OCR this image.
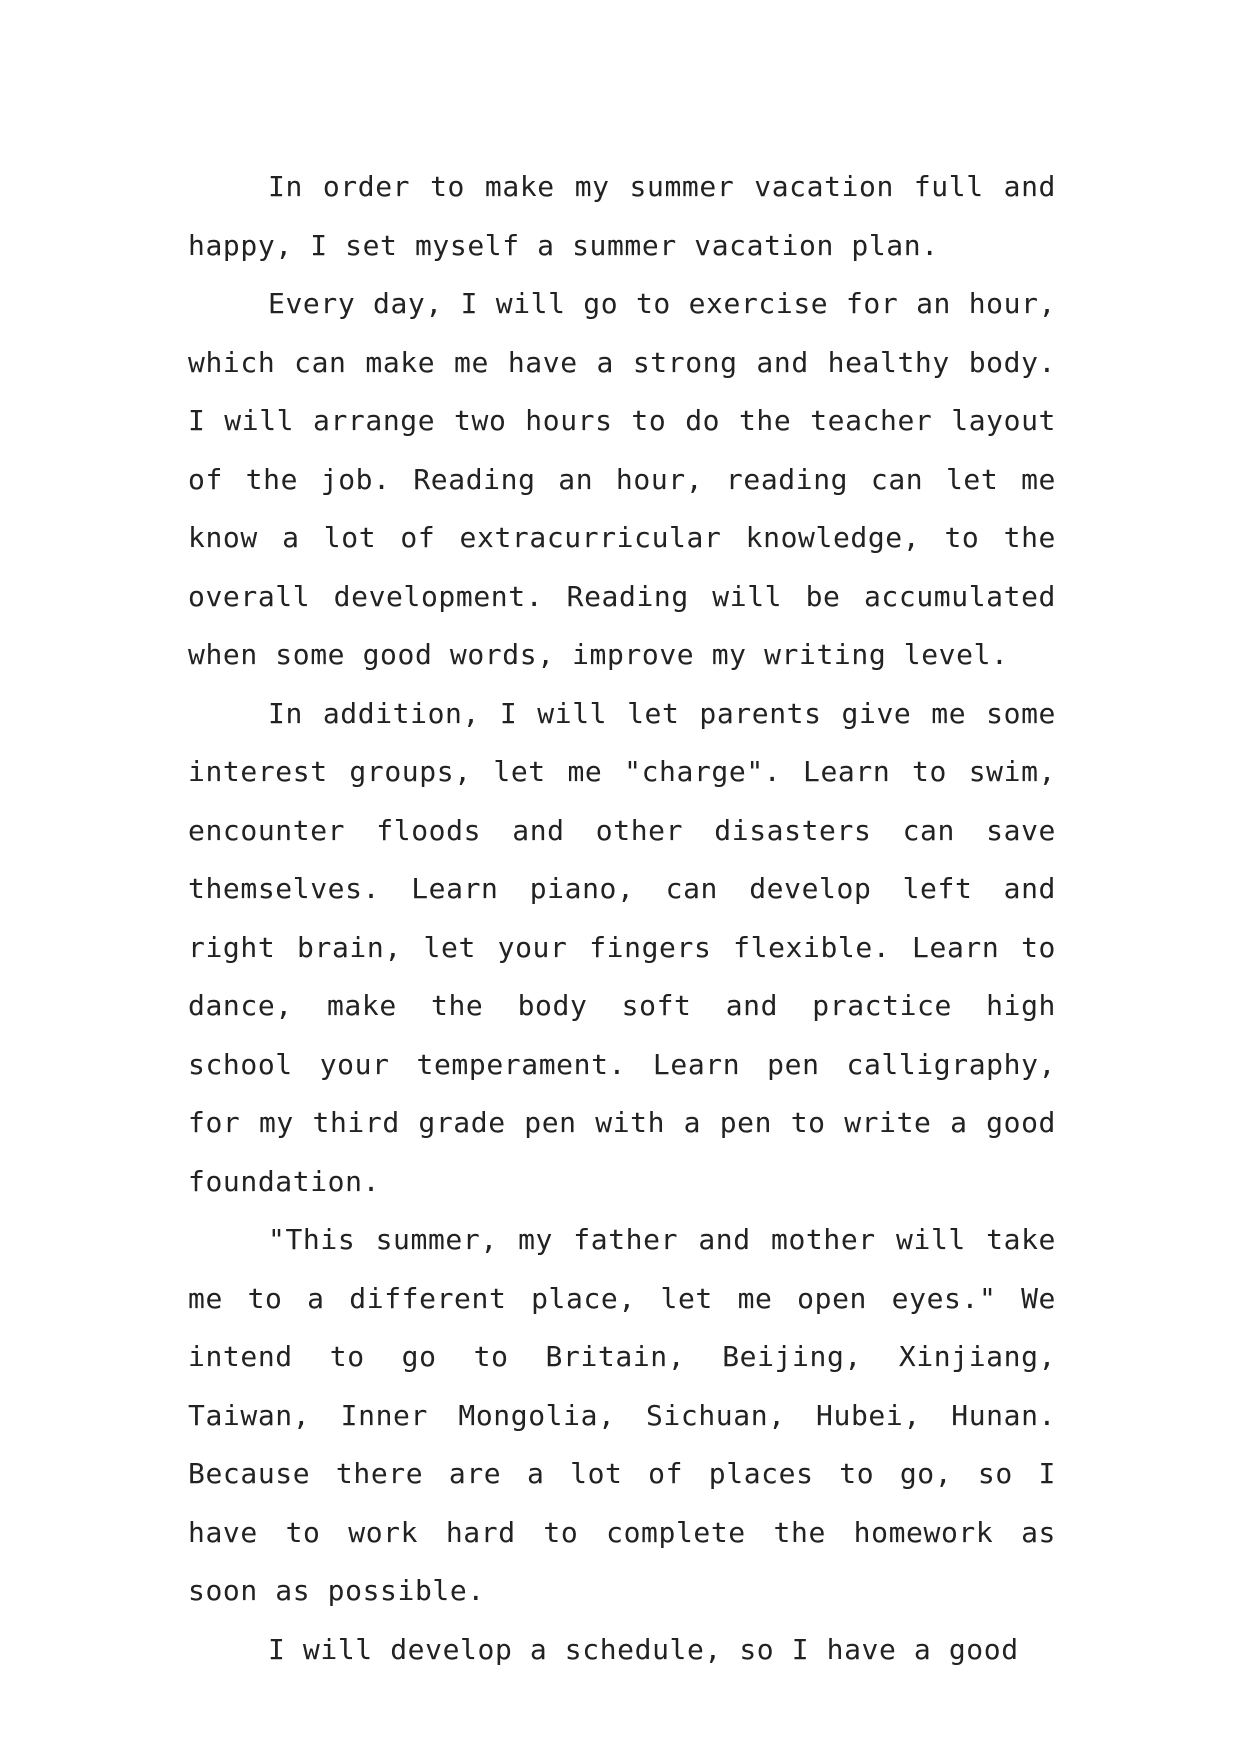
In order to make my summer vacation full and happy, I set myself a summer vacation plan.

Every day, I will go to exercise for an hour, which can make me have a strong and healthy body. I will arrange two hours to do the teacher layout of the job. Reading an hour, reading can let me know a lot of extracurricular knowledge, to the overall development. Reading will be accumulated when some good words, improve my writing level.

In addition, I will let parents give me some interest groups, let me "charge". Learn to swim, encounter floods and other disasters can save themselves. Learn piano, can develop left and right brain, let your fingers flexible. Learn to dance, make the body soft and practice high school your temperament. Learn pen calligraphy, for my third grade pen with a pen to write a good foundation.

"This summer, my father and mother will take me to a different place, let me open eyes." We intend to go to Britain, Beijing, Xinjiang, Taiwan, Inner Mongolia, Sichuan, Hubei, Hunan. Because there are a lot of places to go, so I have to work hard to complete the homework as soon as possible.

I will develop a schedule, so I have a good
